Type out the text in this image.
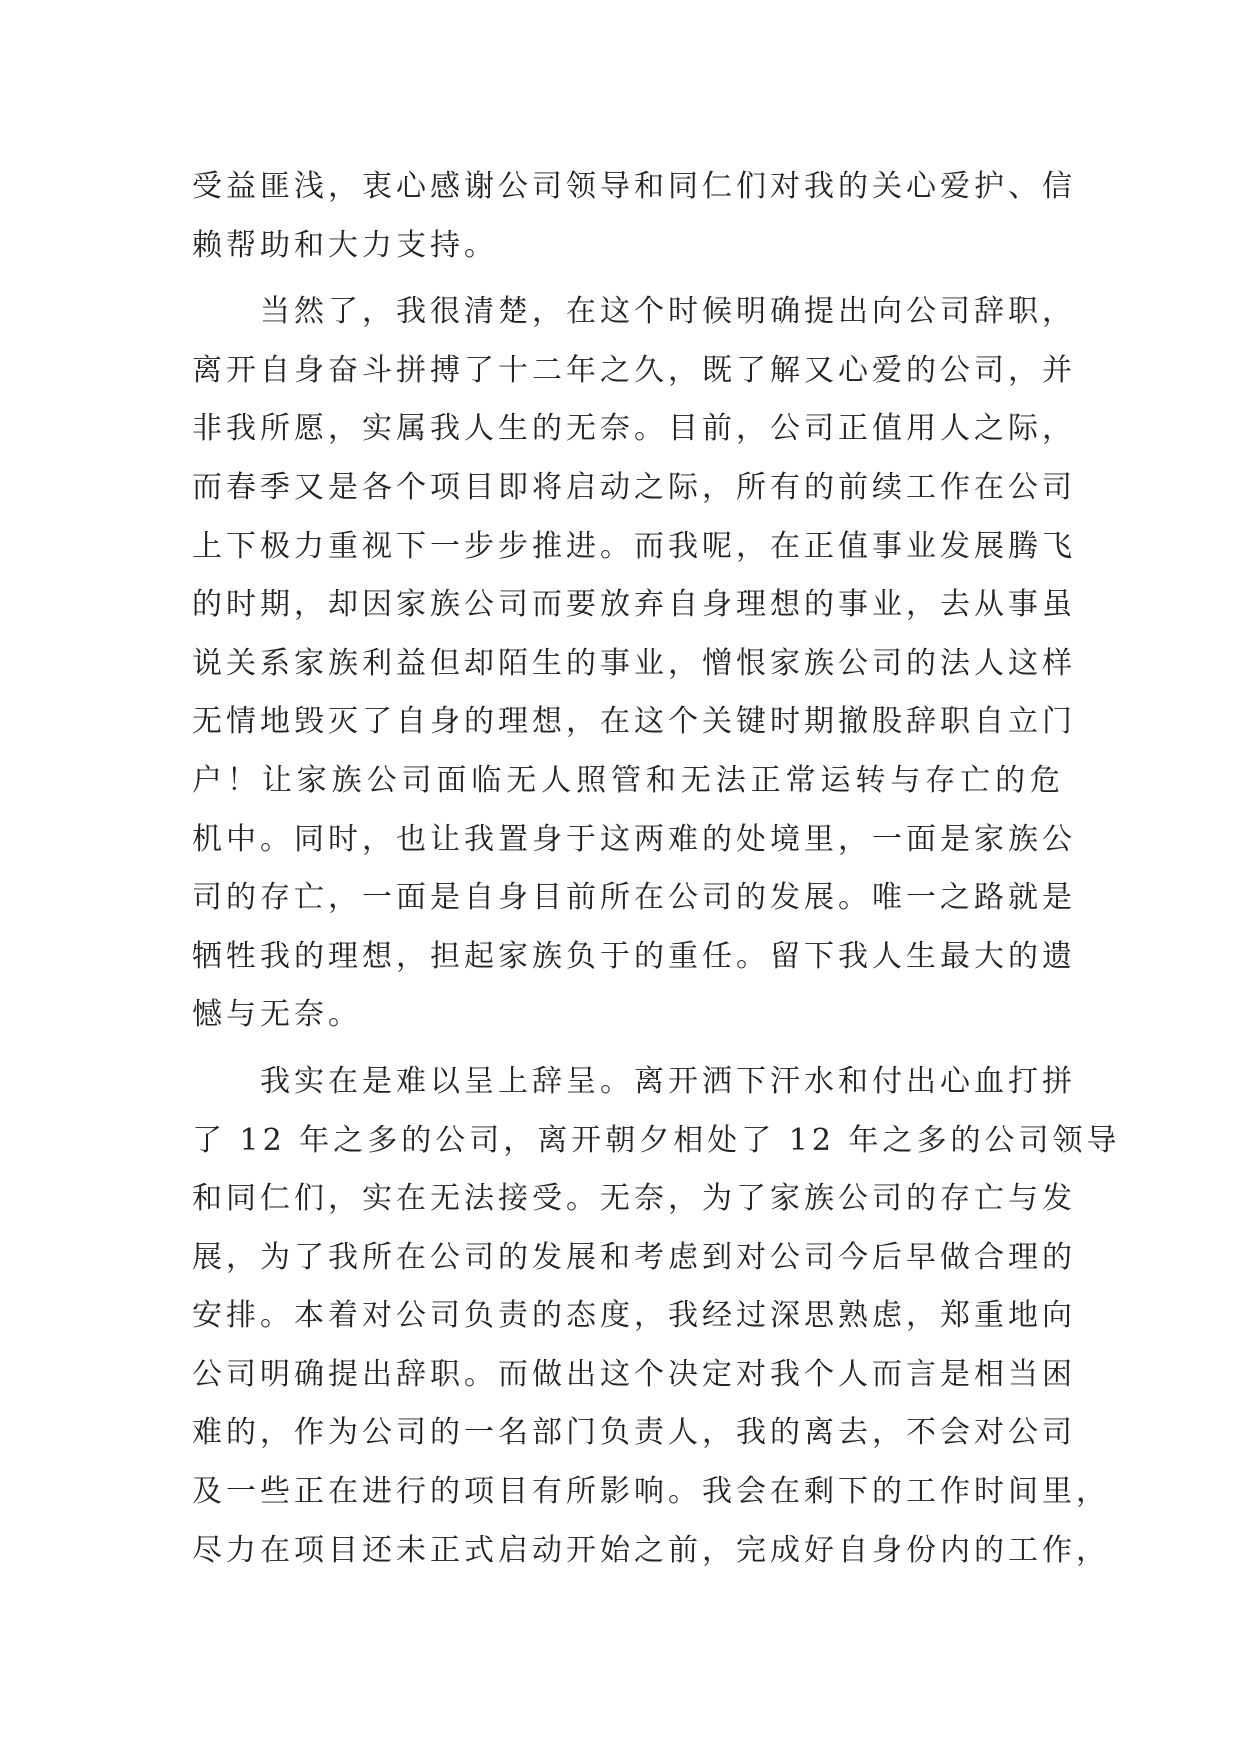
受益匪浅，衷心感谢公司领导和同仁们对我的关心爱护、信
赖帮助和大力支持。
当然了，我很清楚，在这个时候明确提出向公司辞职，
离开自身奋斗拼搏了十二年之久，既了解又心爱的公司，并
非我所愿，实属我人生的无奈。目前，公司正值用人之际，
而春季又是各个项目即将启动之际，所有的前续工作在公司
上下极力重视下一步步推进。而我呢，在正值事业发展腾飞
的时期，却因家族公司而要放弃自身理想的事业，去从事虽
说关系家族利益但却陌生的事业，憎恨家族公司的法人这样
无情地毁灭了自身的理想，在这个关键时期撤股辞职自立门
户！让家族公司面临无人照管和无法正常运转与存亡的危
机中。同时，也让我置身于这两难的处境里，一面是家族公
司的存亡，一面是自身目前所在公司的发展。唯一之路就是
牺牲我的理想，担起家族负于的重任。留下我人生最大的遗
憾与无奈。
我实在是难以呈上辞呈。离开洒下汗水和付出心血打拼
了 12 年之多的公司，离开朝夕相处了 12 年之多的公司领导
和同仁们，实在无法接受。无奈，为了家族公司的存亡与发
展，为了我所在公司的发展和考虑到对公司今后早做合理的
安排。本着对公司负责的态度，我经过深思熟虑，郑重地向
公司明确提出辞职。而做出这个决定对我个人而言是相当困
难的，作为公司的一名部门负责人，我的离去，不会对公司
及一些正在进行的项目有所影响。我会在剩下的工作时间里，
尽力在项目还未正式启动开始之前，完成好自身份内的工作，
